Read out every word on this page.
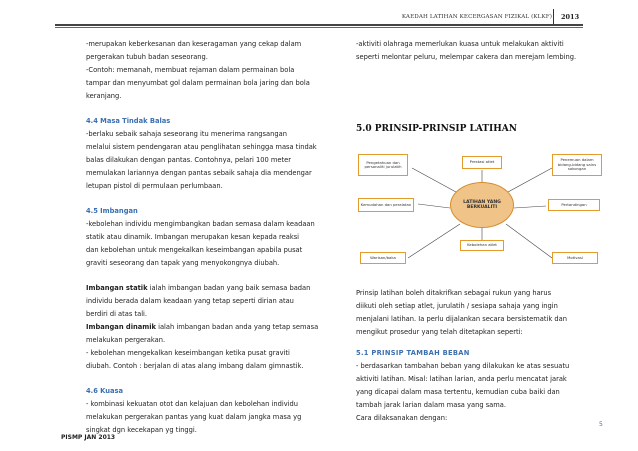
KAEDAH LATIHAN KECERGASAN FIZIKAL (KLKF) 2013
-merupakan keberkesanan dan keseragaman yang cekap dalam
pergerakan tubuh badan seseorang.
-Contoh: memanah, membuat rejaman dalam permainan bola
tampar dan menyumbat gol dalam permainan bola jaring dan bola
keranjang.
4.4 Masa Tindak Balas
-berlaku sebaik sahaja seseorang itu menerima rangsangan
melalui sistem pendengaran atau penglihatan sehingga masa tindak
balas dilakukan dengan pantas. Contohnya, pelari 100 meter
memulakan lariannya dengan pantas sebaik sahaja dia mendengar
letupan pistol di permulaan perlumbaan.
4.5 Imbangan
-kebolehan individu mengimbangkan badan semasa dalam keadaan
statik atau dinamik. Imbangan merupakan kesan kepada reaksi
dan kebolehan untuk mengekalkan keseimbangan apabila pusat
graviti seseorang dan tapak yang menyokongnya diubah.
Imbangan statik ialah imbangan badan yang baik semasa badan
individu berada dalam keadaan yang tetap seperti dirian atau
berdiri di atas tali.
Imbangan dinamik ialah imbangan badan anda yang tetap semasa
melakukan pergerakan.
- kebolehan mengekalkan keseimbangan ketika pusat graviti
diubah. Contoh : berjalan di atas alang imbang dalam gimnastik.
4.6 Kuasa
- kombinasi kekuatan otot dan kelajuan dan kebolehan individu
melakukan pergerakan pantas yang kuat dalam jangka masa yg
singkat dgn kecekapan yg tinggi.
-aktiviti olahraga memerlukan kuasa untuk melakukan aktiviti
seperti melontar peluru, melempar cakera dan merejam lembing.
5.0 PRINSIP-PRINSIP LATIHAN
Pengetahuan dan personaliti jurulatih
Prestasi atlet	Penemuan dalam bidang-bidang sains sokongan
Kemudahan dan peralatan	Pertandingan
LATIHAN YANG BERKUALITI
Kebolehan atlet
Warisan/baka	Motivasi
Prinsip latihan boleh ditakrifkan sebagai rukun yang harus
diikuti oleh setiap atlet, jurulatih / sesiapa sahaja yang ingin
menjalani latihan. Ia perlu dijalankan secara bersistematik dan
mengikut prosedur yang telah ditetapkan seperti:
5.1 PRINSIP TAMBAH BEBAN
- berdasarkan tambahan beban yang dilakukan ke atas sesuatu
aktiviti latihan. Misal: latihan larian, anda perlu mencatat jarak
yang dicapai dalam masa tertentu, kemudian cuba baiki dan
tambah jarak larian dalam masa yang sama.
Cara dilaksanakan dengan:
5
PISMP JAN 2013
